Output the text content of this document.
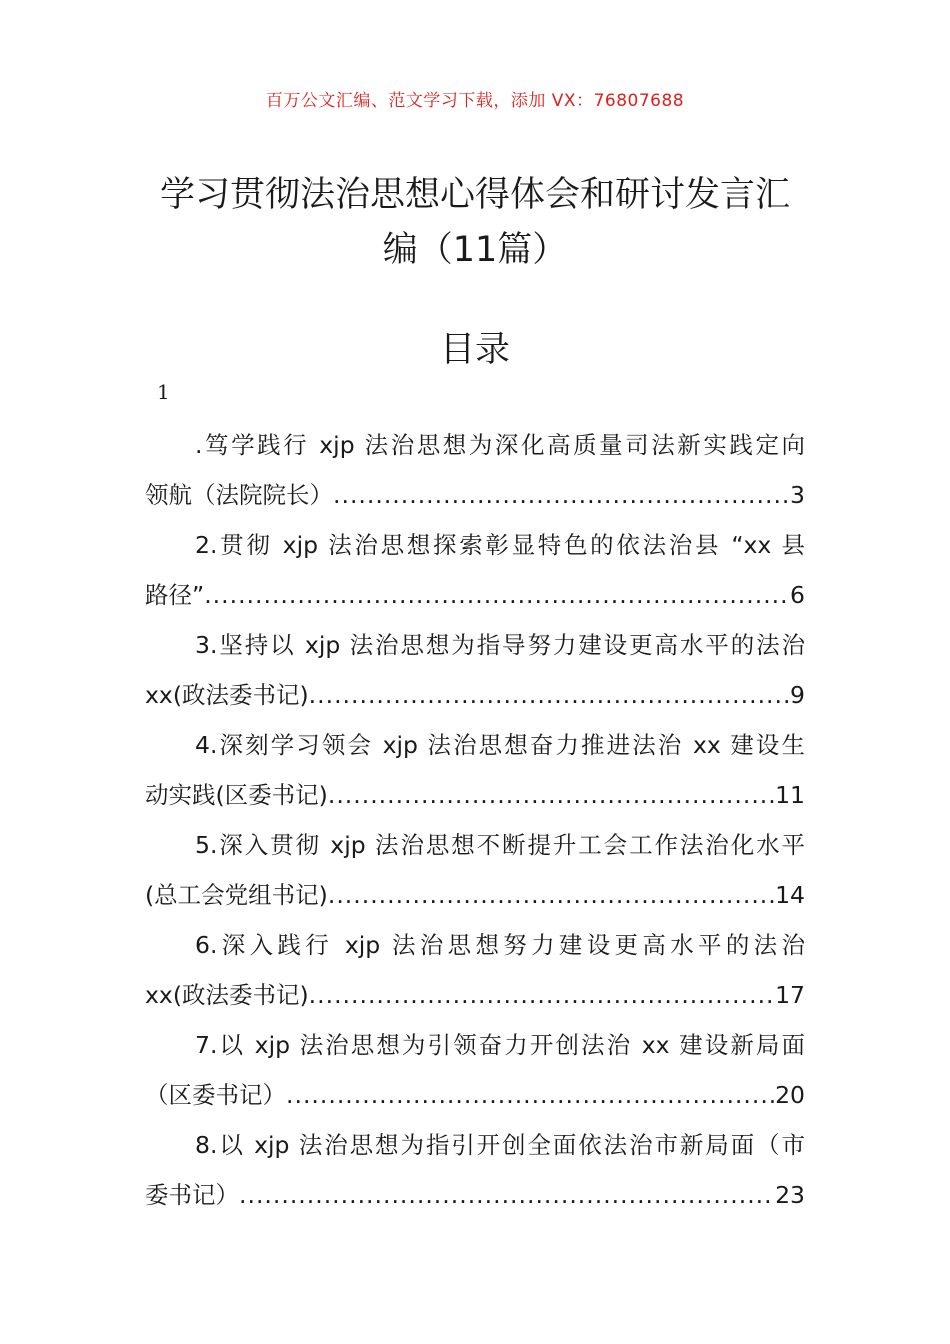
百万公文汇编、范文学习下载，添加 VX：76807688
学习贯彻法治思想心得体会和研讨发言汇编（11篇）
目录
1
.笃学践行 xjp 法治思想为深化高质量司法新实践定向
领航（法院院长） .....	3
2.贯彻 xjp 法治思想探索彰显特色的依法治县 “xx 县
路径” .....	6
3.坚持以 xjp 法治思想为指导努力建设更高水平的法治
xx(政法委书记) .....	9
4.深刻学习领会 xjp 法治思想奋力推进法治 xx 建设生
动实践(区委书记) .....	11
5.深入贯彻 xjp 法治思想不断提升工会工作法治化水平
(总工会党组书记) .....	14
6.深入践行 xjp 法治思想努力建设更高水平的法治
xx(政法委书记) .....	17
7.以 xjp 法治思想为引领奋力开创法治 xx 建设新局面
（区委书记） .....	20
8.以 xjp 法治思想为指引开创全面依法治市新局面（市
委书记） .....	23
